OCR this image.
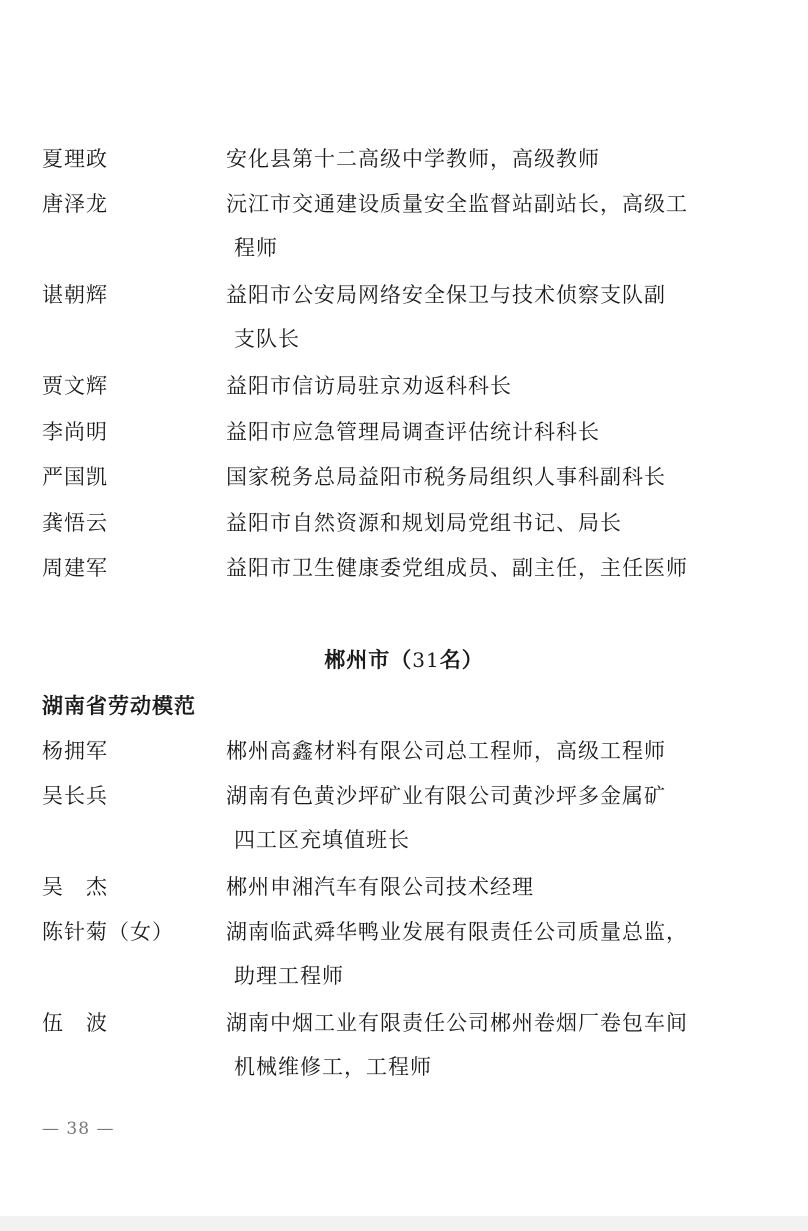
夏理政	安化县第十二高级中学教师，高级教师
唐泽龙	沅江市交通建设质量安全监督站副站长，高级工
程师
谌朝辉	益阳市公安局网络安全保卫与技术侦察支队副
支队长
贾文辉	益阳市信访局驻京劝返科科长
李尚明	益阳市应急管理局调查评估统计科科长
严国凯	国家税务总局益阳市税务局组织人事科副科长
龚悟云	益阳市自然资源和规划局党组书记、局长
周建军	益阳市卫生健康委党组成员、副主任，主任医师
郴州市（31名）
湖南省劳动模范
杨拥军	郴州高鑫材料有限公司总工程师，高级工程师
吴长兵	湖南有色黄沙坪矿业有限公司黄沙坪多金属矿
四工区充填值班长
吴　杰	郴州申湘汽车有限公司技术经理
陈针菊（女） 湖南临武舜华鸭业发展有限责任公司质量总监，
助理工程师
伍　波	湖南中烟工业有限责任公司郴州卷烟厂卷包车间
机械维修工，工程师
— 38 —
